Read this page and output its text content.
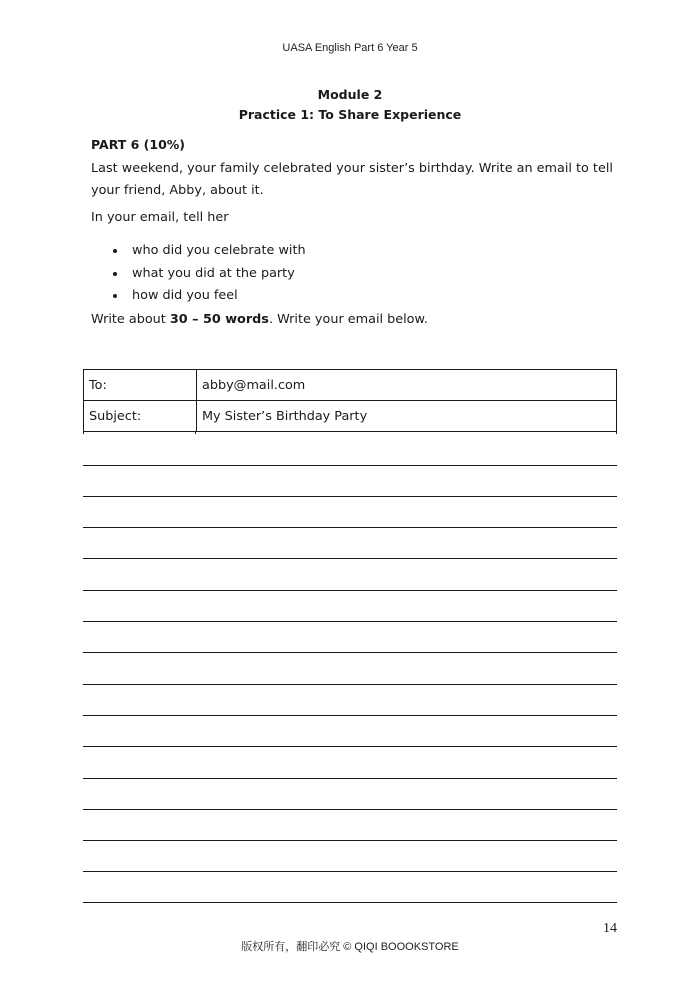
UASA English Part 6 Year 5
Module 2
Practice 1: To Share Experience
PART 6 (10%)
Last weekend, your family celebrated your sister’s birthday. Write an email to tell your friend, Abby, about it.
In your email, tell her
who did you celebrate with
what you did at the party
how did you feel
Write about 30 – 50 words. Write your email below.
To:	abby@mail.com
Subject:	My Sister’s Birthday Party
14
版权所有，翻印必究 © QIQI BOOOKSTORE
